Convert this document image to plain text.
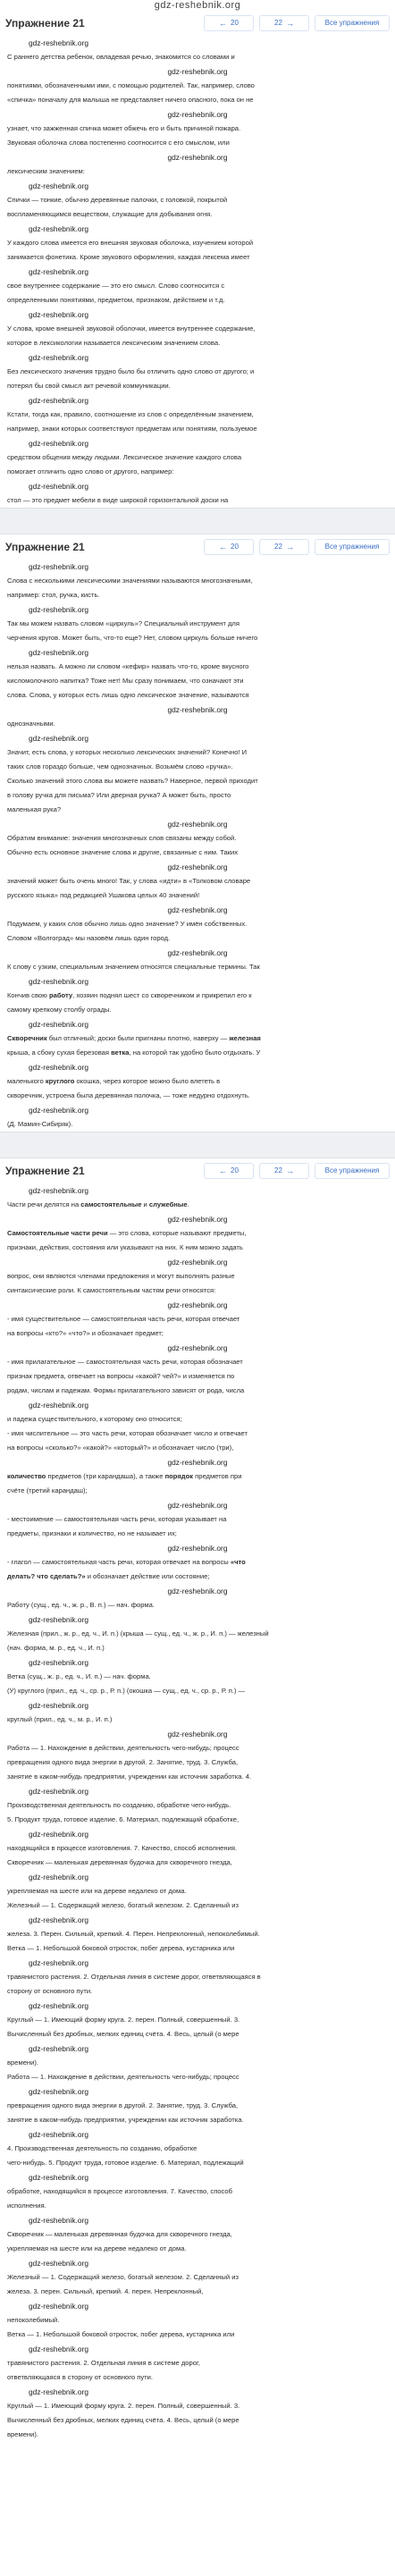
gdz-reshebnik.org
Упражнение 21	← 20	22 →	Все упражнения
gdz-reshebnik.org
С раннего детства ребенок, овладевая речью, знакомится со словами и
gdz-reshebnik.org
понятиями, обозначенными ими, с помощью родителей. Так, например, слово
«спичка» поначалу для малыша не представляет ничего опасного, пока он не
gdz-reshebnik.org
узнает, что зажженная спичка может обжечь его и быть причиной пожара.
Звуковая оболочка слова постепенно соотносится с его смыслом, или
gdz-reshebnik.org
лексическим значением:
gdz-reshebnik.org
Спички — тонкие, обычно деревянные палочки, с головкой, покрытой
воспламеняющимся веществом, служащие для добывания огня.
gdz-reshebnik.org
У каждого слова имеется его внешняя звуковая оболочка, изучением которой
занимается фонетика. Кроме звукового оформления, каждая лексема имеет
gdz-reshebnik.org
свое внутреннее содержание — это его смысл. Слово соотносится с
определенными понятиями, предметом, признаком, действием и т.д.
gdz-reshebnik.org
У слова, кроме внешней звуковой оболочки, имеется внутреннее содержание,
которое в лексикологии называется лексическим значением слова.
gdz-reshebnik.org
Без лексического значения трудно было бы отличить одно слово от другого; и
потерял бы свой смысл акт речевой коммуникации.
gdz-reshebnik.org
Кстати, тогда как, правило, соотношение из слов с определённым значением,
например, знаки которых соответствуют предметам или понятиям, пользуемое
gdz-reshebnik.org
средством общения между людьми. Лексическое значение каждого слова
помогает отличить одно слово от другого, например:
gdz-reshebnik.org
стол — это предмет мебели в виде широкой горизонтальной доски на
Упражнение 21	← 20	22 →	Все упражнения
gdz-reshebnik.org
Слова с несколькими лексическими значениями называются многозначными,
например: стол, ручка, кисть.
gdz-reshebnik.org
Так мы можем назвать словом «циркуль»? Специальный инструмент для
черчения кругов. Может быть, что-то еще? Нет, словом циркуль больше ничего
gdz-reshebnik.org
нельзя назвать. А можно ли словом «кефир» назвать что-то, кроме вкусного
кисломолочного напитка? Тоже нет! Мы сразу понимаем, что означают эти
слова. Слова, у которых есть лишь одно лексическое значение, называются
gdz-reshebnik.org
однозначными.
gdz-reshebnik.org
Значит, есть слова, у которых несколько лексических значений? Конечно! И
таких слов гораздо больше, чем однозначных. Возьмём слово «ручка».
Сколько значений этого слова вы можете назвать? Наверное, первой приходит
в голову ручка для письма? Или дверная ручка? А может быть, просто
маленькая рука?
gdz-reshebnik.org
Обратим внимание: значения многозначных слов связаны между собой.
Обычно есть основное значение слова и другие, связанные с ним. Таких
gdz-reshebnik.org
значений может быть очень много! Так, у слова «идти» в «Толковом словаре
русского языка» под редакцией Ушакова целых 40 значений!
gdz-reshebnik.org
Подумаем, у каких слов обычно лишь одно значение? У имён собственных.
Словом «Волгоград» мы назовём лишь один город.
gdz-reshebnik.org
К слову с узким, специальным значением относятся специальные термины. Так
gdz-reshebnik.org
Кончив свою работу, хозяин поднял шест со скворечником и прикрепил его к
самому крепкому столбу ограды.
gdz-reshebnik.org
Скворечник был отличный; доски были пригнаны плотно, наверху — железная
крыша, а сбоку сухая березовая ветка, на которой так удобно было отдыхать. У
gdz-reshebnik.org
маленького круглого окошка, через которое можно было влететь в
скворечник, устроена была деревянная полочка, — тоже недурно отдохнуть.
gdz-reshebnik.org
(Д. Мамин-Сибиряк).
Упражнение 21	← 20	22 →	Все упражнения
gdz-reshebnik.org
Части речи делятся на самостоятельные и служебные.
gdz-reshebnik.org
Самостоятельные части речи — это слова, которые называют предметы,
признаки, действия, состояния или указывают на них. К ним можно задать
gdz-reshebnik.org
вопрос, они являются членами предложения и могут выполнять разные
синтаксические роли. К самостоятельным частям речи относятся:
gdz-reshebnik.org
- имя существительное — самостоятельная часть речи, которая отвечает
на вопросы «кто?» «что?» и обозначает предмет;
gdz-reshebnik.org
- имя прилагательное — самостоятельная часть речи, которая обозначает
признак предмета, отвечает на вопросы «какой? чей?» и изменяется по
родам, числам и падежам. Формы прилагательного зависят от рода, числа
gdz-reshebnik.org
и падежа существительного, к которому оно относится;
- имя числительное — это часть речи, которая обозначает число и отвечает
на вопросы «сколько?» «какой?» «который?» и обозначает число (три),
gdz-reshebnik.org
количество предметов (три карандаша), а также порядок предметов при
счёте (третий карандаш);
gdz-reshebnik.org
- местоимение — самостоятельная часть речи, которая указывает на
предметы, признаки и количество, но не называет их;
gdz-reshebnik.org
- глагол — самостоятельная часть речи, которая отвечает на вопросы «что
делать? что сделать?» и обозначает действие или состояние;
gdz-reshebnik.org
Работу (сущ., ед. ч., ж. р., В. п.) — нач. форма.
gdz-reshebnik.org
Железная (прил., ж. р., ед. ч., И. п.) (крыша — сущ., ед. ч., ж. р., И. п.) — железный
(нач. форма, м. р., ед. ч., И. п.)
gdz-reshebnik.org
Ветка (сущ., ж. р., ед. ч., И. п.) — нач. форма.
(У) круглого (прил., ед. ч., ср. р., Р. п.) (окошка — сущ., ед. ч., ср. р., Р. п.) —
gdz-reshebnik.org
круглый (прил., ед. ч., м. р., И. п.)
gdz-reshebnik.org
Работа — 1. Нахождение в действии, деятельность чего-нибудь; процесс
превращения одного вида энергии в другой. 2. Занятие, труд. 3. Служба,
занятие в каком-нибудь предприятии, учреждении как источник заработка. 4.
gdz-reshebnik.org
Производственная деятельность по созданию, обработке чего-нибудь.
5. Продукт труда, готовое изделие. 6. Материал, подлежащий обработке,
gdz-reshebnik.org
находящийся в процессе изготовления. 7. Качество, способ исполнения.
Скворечник — маленькая деревянная будочка для скворечного гнезда,
gdz-reshebnik.org
укрепляемая на шесте или на дереве недалеко от дома.
Железный — 1. Содержащий железо, богатый железом. 2. Сделанный из
gdz-reshebnik.org
железа. 3. Перен. Сильный, крепкий. 4. Перен. Непреклонный, непоколебимый.
Ветка — 1. Небольшой боковой отросток, побег дерева, кустарника или
gdz-reshebnik.org
травянистого растения. 2. Отдельная линия в системе дорог, ответвляющаяся в
сторону от основного пути.
gdz-reshebnik.org
Круглый — 1. Имеющий форму круга. 2. перен. Полный, совершенный. 3.
Вычисленный без дробных, мелких единиц счёта. 4. Весь, целый (о мере
gdz-reshebnik.org
времени).
Работа — 1. Нахождение в действии, деятельность чего-нибудь; процесс
gdz-reshebnik.org
превращения одного вида энергии в другой. 2. Занятие, труд. 3. Служба,
занятие в каком-нибудь предприятии, учреждении как источник заработка.
gdz-reshebnik.org
4. Производственная деятельность по созданию, обработке
чего-нибудь. 5. Продукт труда, готовое изделие. 6. Материал, подлежащий
gdz-reshebnik.org
обработке, находящийся в процессе изготовления. 7. Качество, способ
исполнения.
gdz-reshebnik.org
Скворечник — маленькая деревянная будочка для скворечного гнезда,
укрепляемая на шесте или на дереве недалеко от дома.
gdz-reshebnik.org
Железный — 1. Содержащий железо, богатый железом. 2. Сделанный из
железа. 3. перен. Сильный, крепкий. 4. перен. Непреклонный,
gdz-reshebnik.org
непоколебимый.
Ветка — 1. Небольшой боковой отросток, побег дерева, кустарника или
gdz-reshebnik.org
травянистого растения. 2. Отдельная линия в системе дорог,
ответвляющаяся в сторону от основного пути.
gdz-reshebnik.org
Круглый — 1. Имеющий форму круга. 2. перен. Полный, совершенный. 3.
Вычисленный без дробных, мелких единиц счёта. 4. Весь, целый (о мере
времени).
